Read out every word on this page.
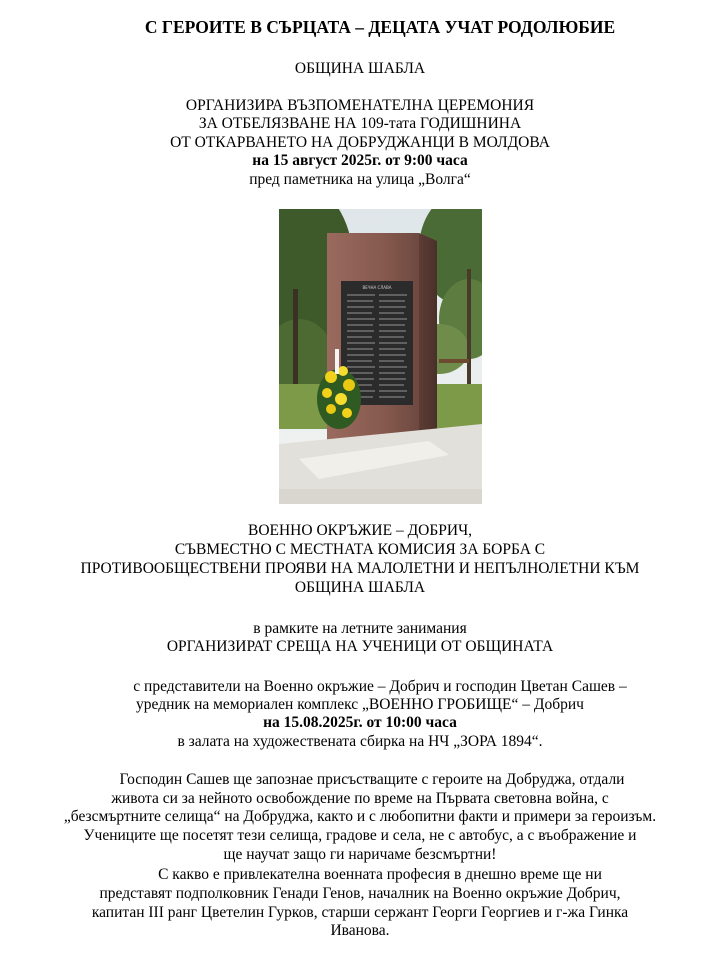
С ГЕРОИТЕ В СЪРЦАТА – ДЕЦАТА УЧАТ РОДОЛЮБИЕ
ОБЩИНА ШАБЛА
ОРГАНИЗИРА ВЪЗПОМЕНАТЕЛНА ЦЕРЕМОНИЯ
ЗА ОТБЕЛЯЗВАНЕ НА 109-тата ГОДИШНИНА
ОТ ОТКАРВАНЕТО НА ДОБРУДЖАНЦИ В МОЛДОВА
на 15 август 2025г. от 9:00 часа
пред паметника на улица „Волга“
ВЕЧНА СЛАВА
ВОЕННО ОКРЪЖИЕ – ДОБРИЧ,
СЪВМЕСТНО С МЕСТНАТА КОМИСИЯ ЗА БОРБА С
ПРОТИВООБЩЕСТВЕНИ ПРОЯВИ НА МАЛОЛЕТНИ И НЕПЪЛНОЛЕТНИ КЪМ
ОБЩИНА ШАБЛА
в рамките на летните занимания
ОРГАНИЗИРАТ СРЕЩА НА УЧЕНИЦИ ОТ ОБЩИНАТА
с представители на Военно окръжие – Добрич и господин Цветан Сашев –
уредник на мемориален комплекс „ВОЕННО ГРОБИЩЕ“ – Добрич
на 15.08.2025г. от 10:00 часа
в залата на художествената сбирка на НЧ „ЗОРА 1894“.
Господин Сашев ще запознае присъстващите с героите на Добруджа, отдали
живота си за нейното освобождение по време на Първата световна война, с
„безсмъртните селища“ на Добруджа, както и с любопитни факти и примери за героизъм.
Учениците ще посетят тези селища, градове и села, не с автобус, а с въображение и
ще научат защо ги наричаме безсмъртни!
С какво е привлекателна военната професия в днешно време ще ни
представят подполковник Генади Генов, началник на Военно окръжие Добрич,
капитан III ранг Цветелин Гурков, старши сержант Георги Георгиев и г-жа Гинка
Иванова.
